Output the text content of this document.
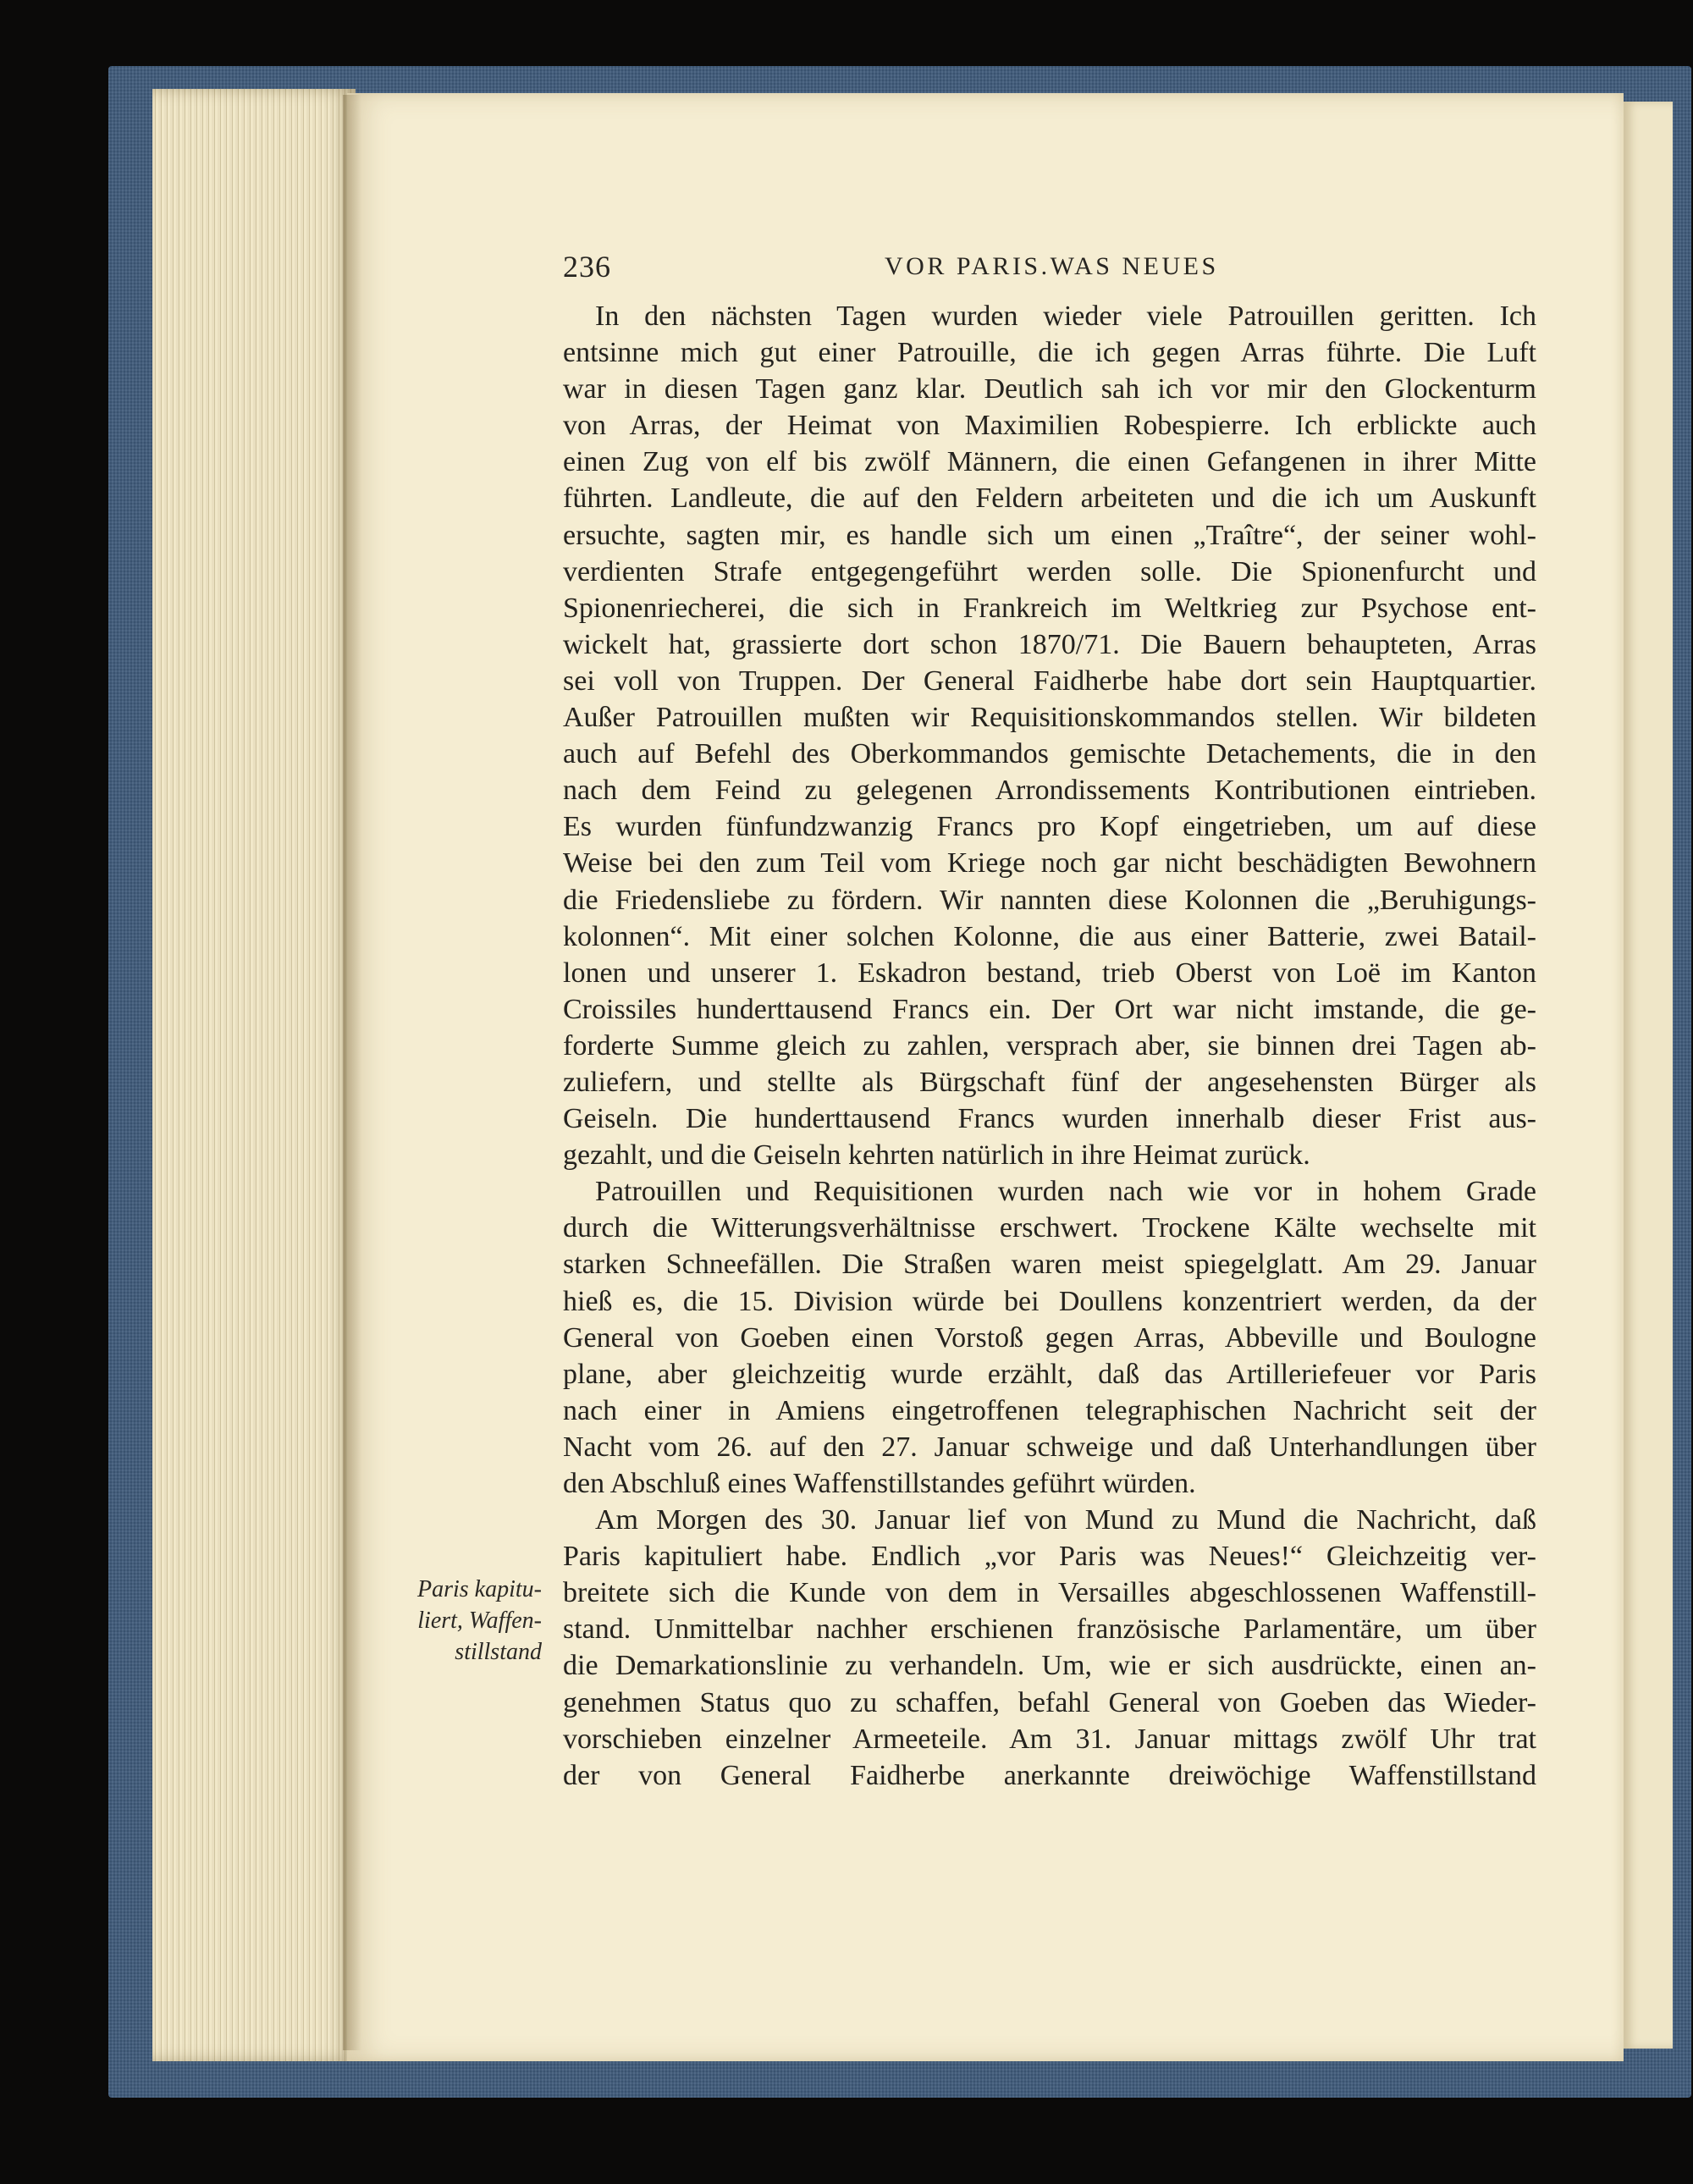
236	VOR PARIS.WAS NEUES
Paris kapitu-
liert, Waffen-
stillstand
In den nächsten Tagen wurden wieder viele Patrouillen geritten. Ich
entsinne mich gut einer Patrouille, die ich gegen Arras führte. Die Luft
war in diesen Tagen ganz klar. Deutlich sah ich vor mir den Glockenturm
von Arras, der Heimat von Maximilien Robespierre. Ich erblickte auch
einen Zug von elf bis zwölf Männern, die einen Gefangenen in ihrer Mitte
führten. Landleute, die auf den Feldern arbeiteten und die ich um Auskunft
ersuchte, sagten mir, es handle sich um einen „Traître“, der seiner wohl-
verdienten Strafe entgegengeführt werden solle. Die Spionenfurcht und
Spionenriecherei, die sich in Frankreich im Weltkrieg zur Psychose ent-
wickelt hat, grassierte dort schon 1870/71. Die Bauern behaupteten, Arras
sei voll von Truppen. Der General Faidherbe habe dort sein Hauptquartier.
Außer Patrouillen mußten wir Requisitionskommandos stellen. Wir bildeten
auch auf Befehl des Oberkommandos gemischte Detachements, die in den
nach dem Feind zu gelegenen Arrondissements Kontributionen eintrieben.
Es wurden fünfundzwanzig Francs pro Kopf eingetrieben, um auf diese
Weise bei den zum Teil vom Kriege noch gar nicht beschädigten Bewohnern
die Friedensliebe zu fördern. Wir nannten diese Kolonnen die „Beruhigungs-
kolonnen“. Mit einer solchen Kolonne, die aus einer Batterie, zwei Batail-
lonen und unserer 1. Eskadron bestand, trieb Oberst von Loë im Kanton
Croissiles hunderttausend Francs ein. Der Ort war nicht imstande, die ge-
forderte Summe gleich zu zahlen, versprach aber, sie binnen drei Tagen ab-
zuliefern, und stellte als Bürgschaft fünf der angesehensten Bürger als
Geiseln. Die hunderttausend Francs wurden innerhalb dieser Frist aus-
gezahlt, und die Geiseln kehrten natürlich in ihre Heimat zurück.
Patrouillen und Requisitionen wurden nach wie vor in hohem Grade
durch die Witterungsverhältnisse erschwert. Trockene Kälte wechselte mit
starken Schneefällen. Die Straßen waren meist spiegelglatt. Am 29. Januar
hieß es, die 15. Division würde bei Doullens konzentriert werden, da der
General von Goeben einen Vorstoß gegen Arras, Abbeville und Boulogne
plane, aber gleichzeitig wurde erzählt, daß das Artilleriefeuer vor Paris
nach einer in Amiens eingetroffenen telegraphischen Nachricht seit der
Nacht vom 26. auf den 27. Januar schweige und daß Unterhandlungen über
den Abschluß eines Waffenstillstandes geführt würden.
Am Morgen des 30. Januar lief von Mund zu Mund die Nachricht, daß
Paris kapituliert habe. Endlich „vor Paris was Neues!“ Gleichzeitig ver-
breitete sich die Kunde von dem in Versailles abgeschlossenen Waffenstill-
stand. Unmittelbar nachher erschienen französische Parlamentäre, um über
die Demarkationslinie zu verhandeln. Um, wie er sich ausdrückte, einen an-
genehmen Status quo zu schaffen, befahl General von Goeben das Wieder-
vorschieben einzelner Armeeteile. Am 31. Januar mittags zwölf Uhr trat
der von General Faidherbe anerkannte dreiwöchige Waffenstillstand
